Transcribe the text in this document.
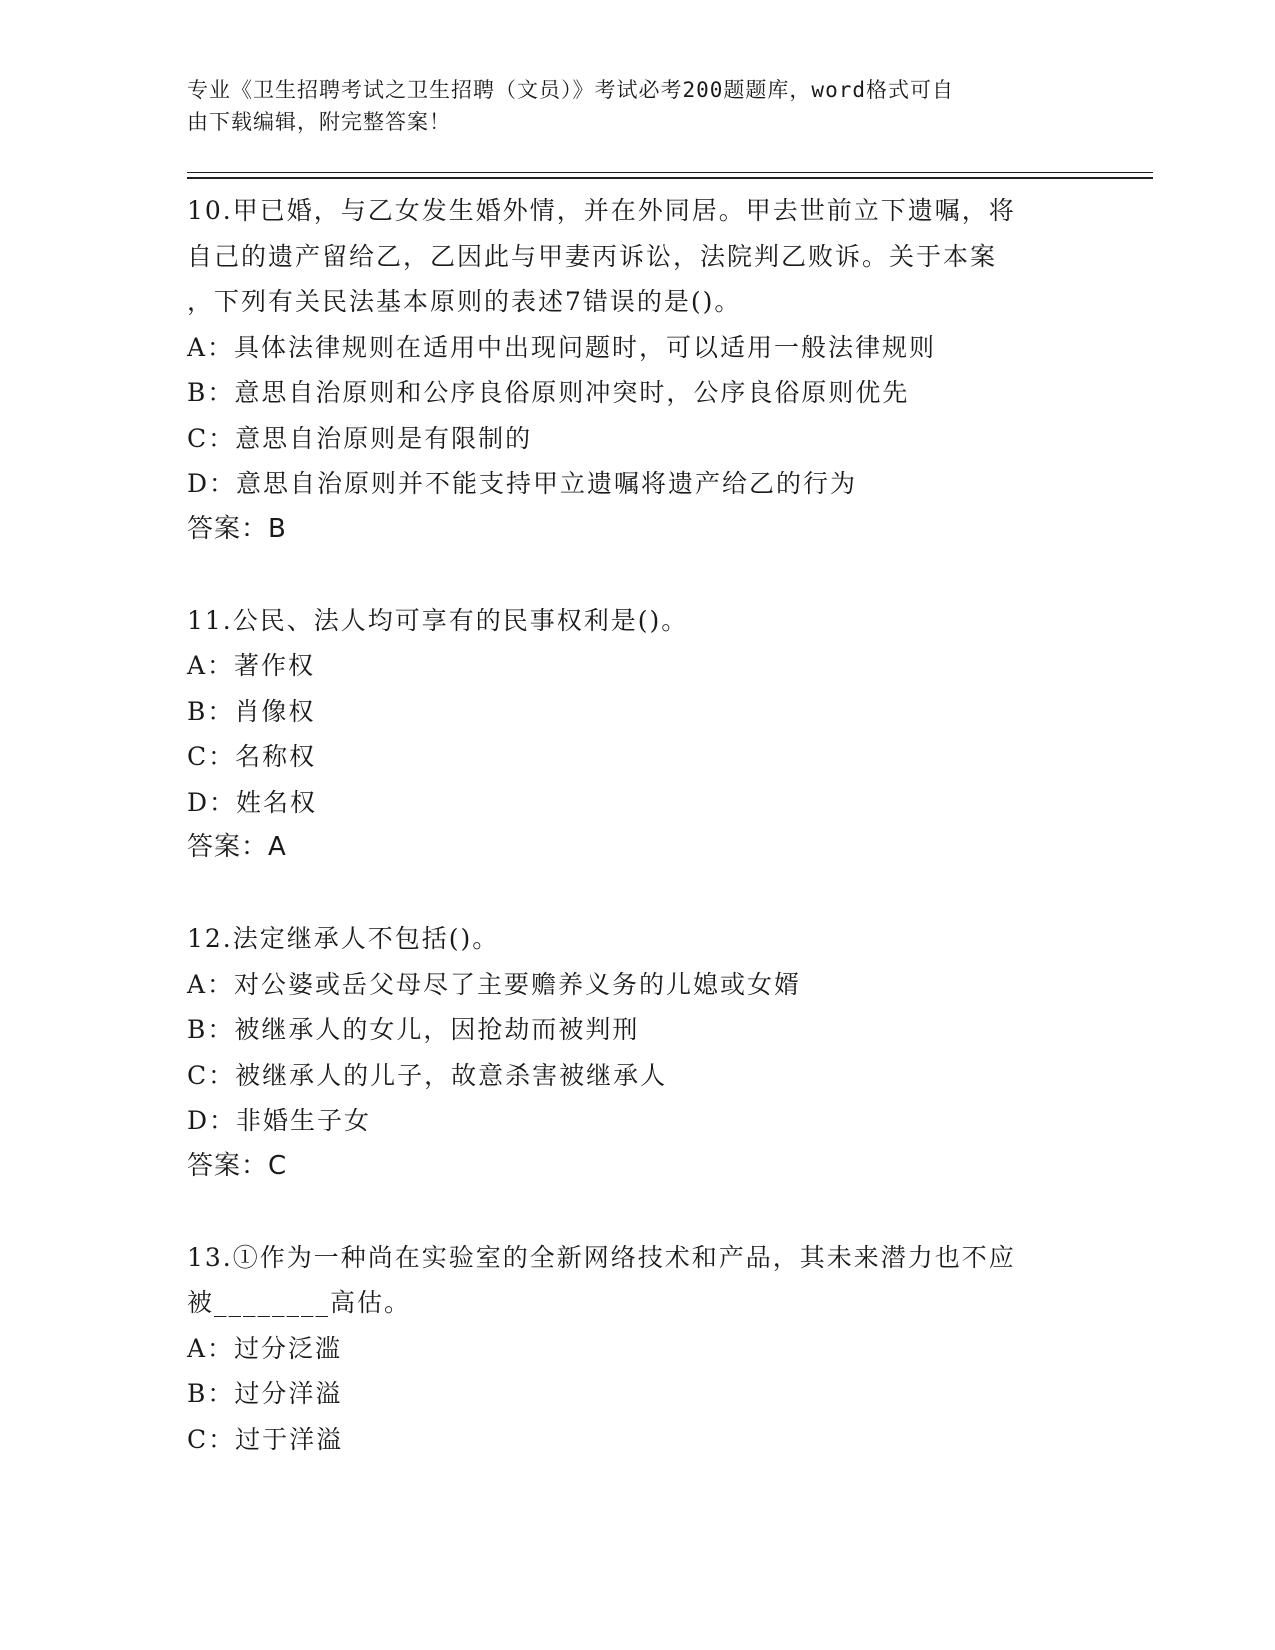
专业《卫生招聘考试之卫生招聘（文员）》考试必考200题题库，word格式可自
由下载编辑，附完整答案！
10.甲已婚，与乙女发生婚外情，并在外同居。甲去世前立下遗嘱，将
自己的遗产留给乙，乙因此与甲妻丙诉讼，法院判乙败诉。关于本案
，下列有关民法基本原则的表述7错误的是()。
A：具体法律规则在适用中出现问题时，可以适用一般法律规则
B：意思自治原则和公序良俗原则冲突时，公序良俗原则优先
C：意思自治原则是有限制的
D：意思自治原则并不能支持甲立遗嘱将遗产给乙的行为
答案：B
11.公民、法人均可享有的民事权利是()。
A：著作权
B：肖像权
C：名称权
D：姓名权
答案：A
12.法定继承人不包括()。
A：对公婆或岳父母尽了主要赡养义务的儿媳或女婿
B：被继承人的女儿，因抢劫而被判刑
C：被继承人的儿子，故意杀害被继承人
D：非婚生子女
答案：C
13.①作为一种尚在实验室的全新网络技术和产品，其未来潜力也不应
被________高估。
A：过分泛滥
B：过分洋溢
C：过于洋溢
